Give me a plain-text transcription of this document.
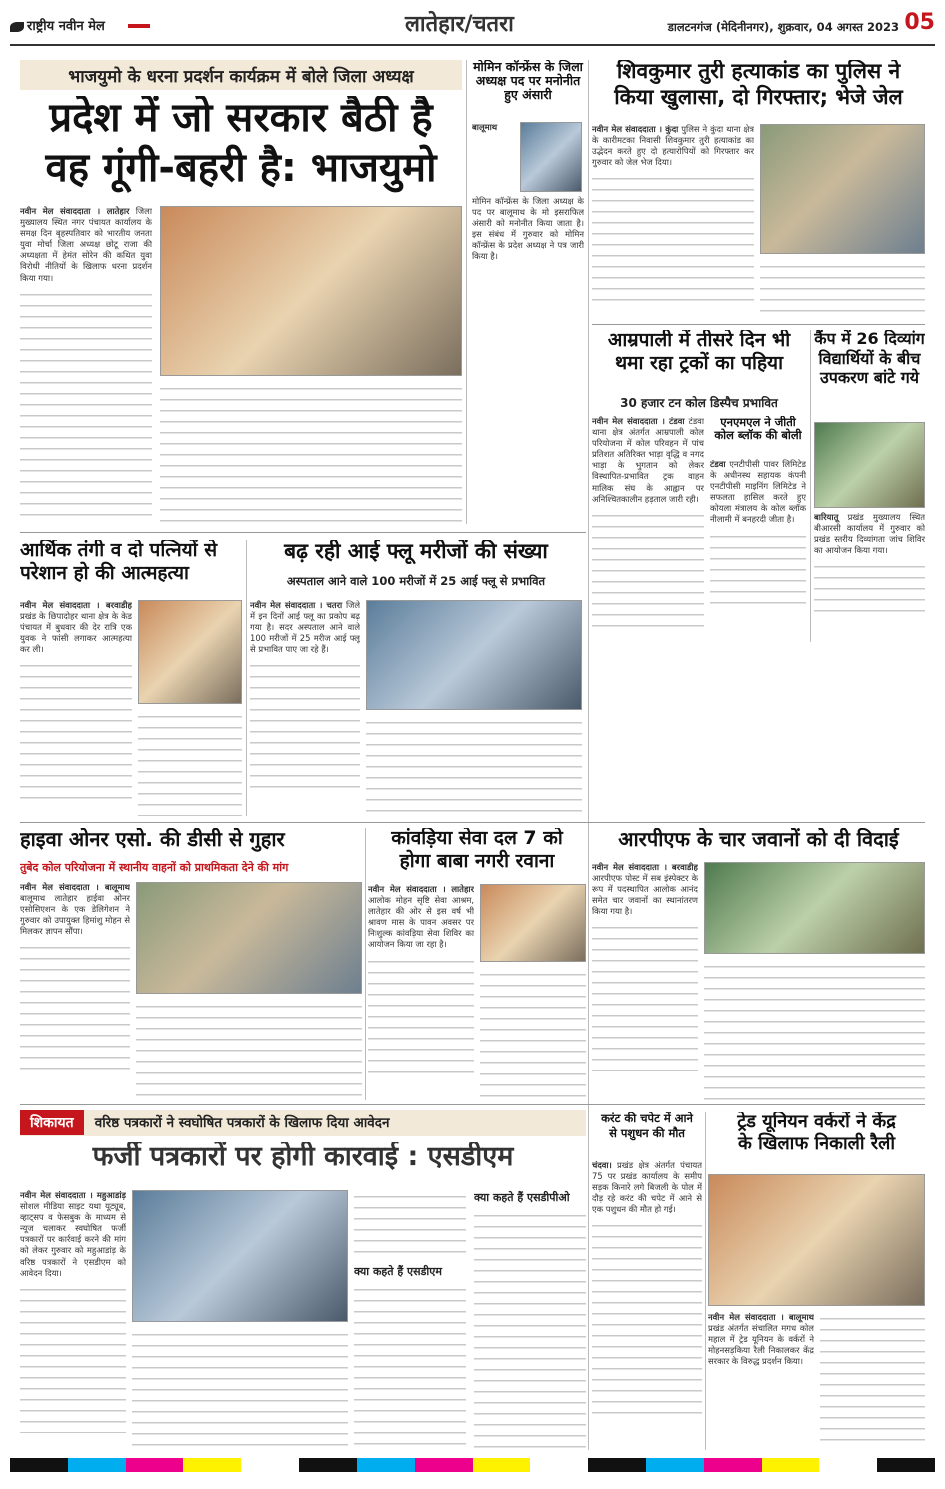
राष्ट्रीय नवीन मेल	लातेहार/चतरा	डालटनगंज (मेदिनीनगर), शुक्रवार, 04 अगस्त 2023 05
भाजयुमो के धरना प्रदर्शन कार्यक्रम में बोले जिला अध्यक्ष
प्रदेश में जो सरकार बैठी है
वह गूंगी-बहरी है: भाजयुमो
नवीन मेल संवाददाता । लातेहार जिला मुख्यालय स्थित नगर पंचायत कार्यालय के समक्ष दिन बृहस्पतिवार को भारतीय जनता युवा मोर्चा जिला अध्यक्ष छोटू राजा की अध्यक्षता में हेमंत सोरेन की कथित युवा विरोधी नीतियों के खिलाफ धरना प्रदर्शन किया गया।
मोमिन कॉन्फ्रेंस के जिला अध्यक्ष पद पर मनोनीत हुए अंसारी
बालूमाथ
मोमिन कॉन्फ्रेंस के जिला अध्यक्ष के पद पर बालूमाथ के मो इसराफिल अंसारी को मनोनीत किया जाता है। इस संबंध में गुरुवार को मोमिन कॉन्फ्रेंस के प्रदेश अध्यक्ष ने पत्र जारी किया है।
शिवकुमार तुरी हत्याकांड का पुलिस ने
किया खुलासा, दो गिरफ्तार; भेजे जेल
नवीन मेल संवाददाता । कुंदा पुलिस ने कुंदा थाना क्षेत्र के कारीमटका निवासी शिवकुमार तुरी हत्याकांड का उद्भेदन करते हुए दो हत्यारोपियों को गिरफ्तार कर गुरुवार को जेल भेज दिया।
आम्रपाली में तीसरे दिन भी
थमा रहा ट्रकों का पहिया
30 हजार टन कोल डिस्पैच प्रभावित
नवीन मेल संवाददाता । टंडवा टंडवा थाना क्षेत्र अंतर्गत आम्रपाली कोल परियोजना में कोल परिवहन में पांच प्रतिशत अतिरिक्त भाड़ा वृद्धि व नगद भाड़ा के भुगतान को लेकर विस्थापित-प्रभावित ट्रक वाहन मालिक संघ के आह्वान पर अनिश्चितकालीन हड़ताल जारी रही।
एनएमएल ने जीती कोल ब्लॉक की बोली
टंडवा एनटीपीसी पावर लिमिटेड के अधीनस्थ सहायक कंपनी एनटीपीसी माइनिंग लिमिटेड ने सफलता हासिल करते हुए कोयला मंत्रालय के कोल ब्लॉक नीलामी में बनहरदी जीता है।
कैंप में 26 दिव्यांग
विद्यार्थियों के बीच
उपकरण बांटे गये
बारियातू प्रखंड मुख्यालय स्थित बीआरसी कार्यालय में गुरुवार को प्रखंड स्तरीय दिव्यांगता जांच शिविर का आयोजन किया गया।
आर्थिक तंगी व दो पत्नियों से
परेशान हो की आत्महत्या
नवीन मेल संवाददाता । बरवाडीह प्रखंड के छिपादोहर थाना क्षेत्र के केड पंचायत में बुधवार की देर रात्रि एक युवक ने फांसी लगाकर आत्महत्या कर ली।
बढ़ रही आई फ्लू मरीजों की संख्या
अस्पताल आने वाले 100 मरीजों में 25 आई फ्लू से प्रभावित
नवीन मेल संवाददाता । चतरा जिले में इन दिनों आई फ्लू का प्रकोप बढ़ गया है। सदर अस्पताल आने वाले 100 मरीजों में 25 मरीज आई फ्लू से प्रभावित पाए जा रहे हैं।
हाइवा ओनर एसो. की डीसी से गुहार
तुबेद कोल परियोजना में स्थानीय वाहनों को प्राथमिकता देने की मांग
नवीन मेल संवाददाता । बालूमाथ बालूमाथ लातेहार हाईवा ओनर एसोसिएशन के एक डेलिगेशन ने गुरुवार को उपायुक्त हिमांशु मोहन से मिलकर ज्ञापन सौंपा।
कांवड़िया सेवा दल 7 को
होगा बाबा नगरी रवाना
नवीन मेल संवाददाता । लातेहार आलोक मोहन सृष्टि सेवा आश्रम, लातेहार की ओर से इस वर्ष भी श्रावण मास के पावन अवसर पर निःशुल्क कांवड़िया सेवा शिविर का आयोजन किया जा रहा है।
आरपीएफ के चार जवानों को दी विदाई
नवीन मेल संवाददाता । बरवाडीह आरपीएफ पोस्ट में सब इंस्पेक्टर के रूप में पदस्थापित आलोक आनंद समेत चार जवानों का स्थानांतरण किया गया है।
शिकायत वरिष्ठ पत्रकारों ने स्वघोषित पत्रकारों के खिलाफ दिया आवेदन
फर्जी पत्रकारों पर होगी कारवाई : एसडीएम
नवीन मेल संवाददाता । महुआडांड़ सोशल मीडिया साइट यथा यूट्यूब, व्हाट्सप व फेसबुक के माध्यम से न्यूज चलाकर स्वघोषित फर्जी पत्रकारों पर कार्रवाई करने की मांग को लेकर गुरुवार को महुआडांड़ के वरिष्ठ पत्रकारों ने एसडीएम को आवेदन दिया।	क्या कहते हैं एसडीएम
क्या कहते हैं एसडीपीओ
करंट की चपेट में आने
से पशुधन की मौत
चंदवा। प्रखंड क्षेत्र अंतर्गत पंचायत 75 पर प्रखंड कार्यालय के समीप सड़क किनारे लगे बिजली के पोल में दौड़ रहे करंट की चपेट में आने से एक पशुधन की मौत हो गई।
ट्रेड यूनियन वर्करों ने केंद्र
के खिलाफ निकाली रैली
नवीन मेल संवाददाता । बालूमाथ प्रखंड अंतर्गत संचालित मगध कोल महाल में ट्रेड यूनियन के वर्करों ने मोहनसड़किया रैली निकालकर केंद्र सरकार के विरुद्ध प्रदर्शन किया।
